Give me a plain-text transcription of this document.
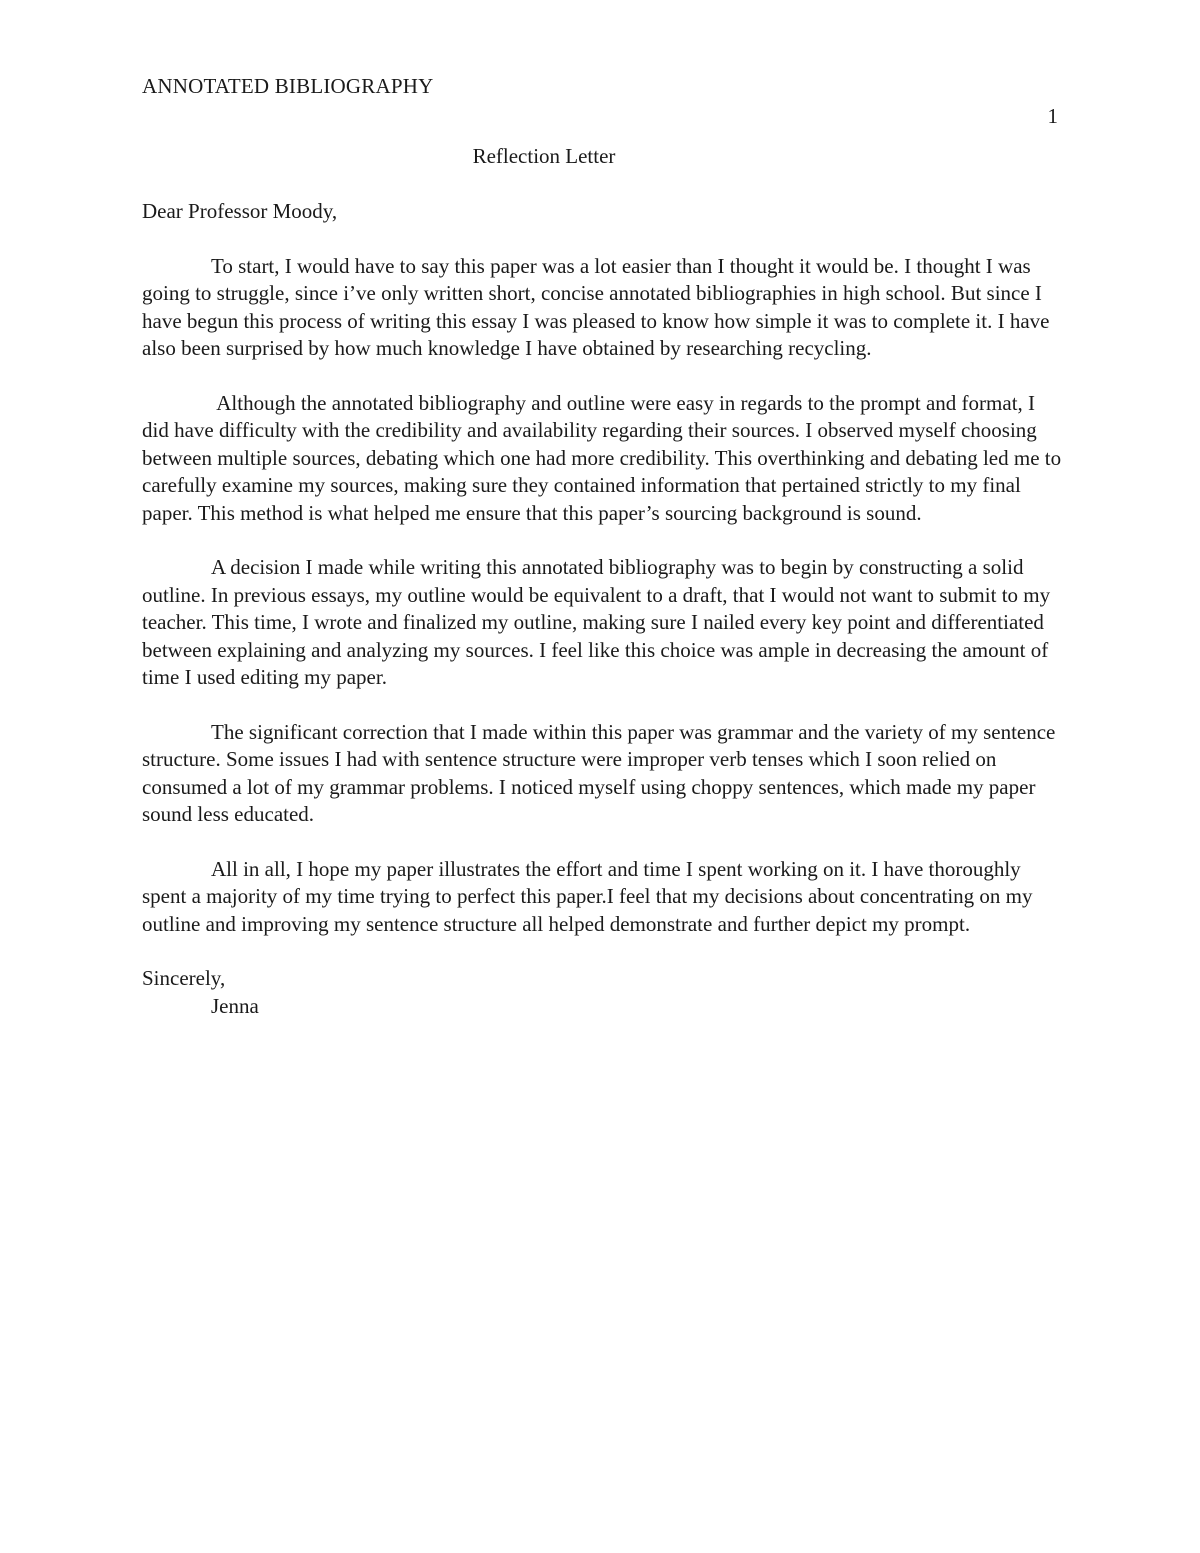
ANNOTATED BIBLIOGRAPHY
1
Reflection Letter

Dear Professor Moody,

To start, I would have to say this paper was a lot easier than I thought it would be. I thought I was going to struggle, since i’ve only written short, concise annotated bibliographies in high school. But since I have begun this process of writing this essay I was pleased to know how simple it was to complete it. I have also been surprised by how much knowledge I have obtained by researching recycling.

Although the annotated bibliography and outline were easy in regards to the prompt and format, I did have difficulty with the credibility and availability regarding their sources. I observed myself choosing between multiple sources, debating which one had more credibility. This overthinking and debating led me to carefully examine my sources, making sure they contained information that pertained strictly to my final paper. This method is what helped me ensure that this paper’s sourcing background is sound.

A decision I made while writing this annotated bibliography was to begin by constructing a solid outline. In previous essays, my outline would be equivalent to a draft, that I would not want to submit to my teacher. This time, I wrote and finalized my outline, making sure I nailed every key point and differentiated between explaining and analyzing my sources. I feel like this choice was ample in decreasing the amount of time I used editing my paper.

The significant correction that I made within this paper was grammar and the variety of my sentence structure. Some issues I had with sentence structure were improper verb tenses which I soon relied on consumed a lot of my grammar problems. I noticed myself using choppy sentences, which made my paper sound less educated.

All in all, I hope my paper illustrates the effort and time I spent working on it. I have thoroughly spent a majority of my time trying to perfect this paper.I feel that my decisions about concentrating on my outline and improving my sentence structure all helped demonstrate and further depict my prompt.

Sincerely,

Jenna
